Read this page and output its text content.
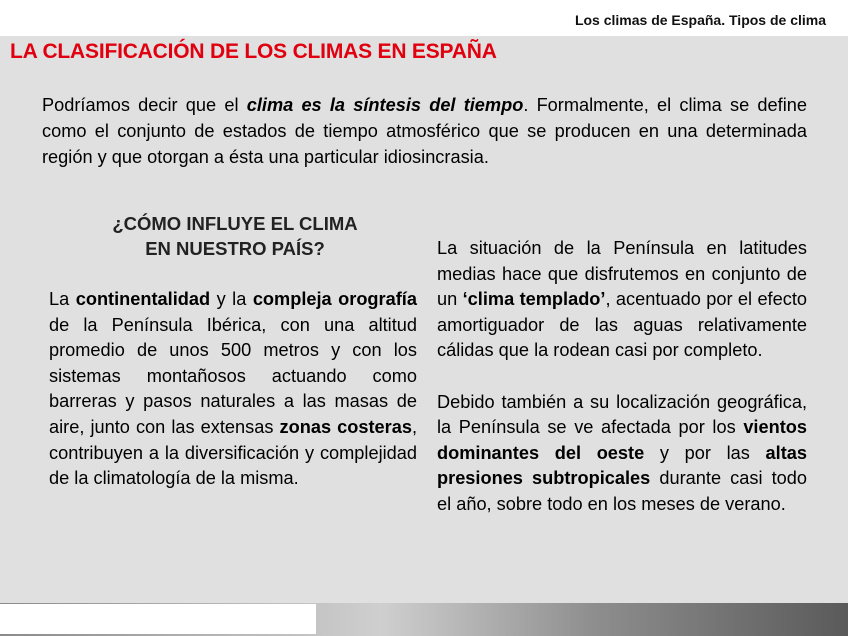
Los climas de España. Tipos de clima
LA CLASIFICACIÓN DE LOS CLIMAS EN ESPAÑA

Podríamos decir que el clima es la síntesis del tiempo. Formalmente, el clima se define como el conjunto de estados de tiempo atmosférico que se producen en una determinada región y que otorgan a ésta una particular idiosincrasia.

¿CÓMO INFLUYE EL CLIMA
EN NUESTRO PAÍS?

La continentalidad y la compleja orografía de la Península Ibérica, con una altitud promedio de unos 500 metros y con los sistemas montañosos actuando como barreras y pasos naturales a las masas de aire, junto con las extensas zonas costeras, contribuyen a la diversificación y complejidad de la climatología de la misma.

La situación de la Península en latitudes medias hace que disfrutemos en conjunto de un ‘clima templado’, acentuado por el efecto amortiguador de las aguas relativamente cálidas que la rodean casi por completo.

Debido también a su localización geográfica, la Península se ve afectada por los vientos dominantes del oeste y por las altas presiones subtropicales durante casi todo el año, sobre todo en los meses de verano.
